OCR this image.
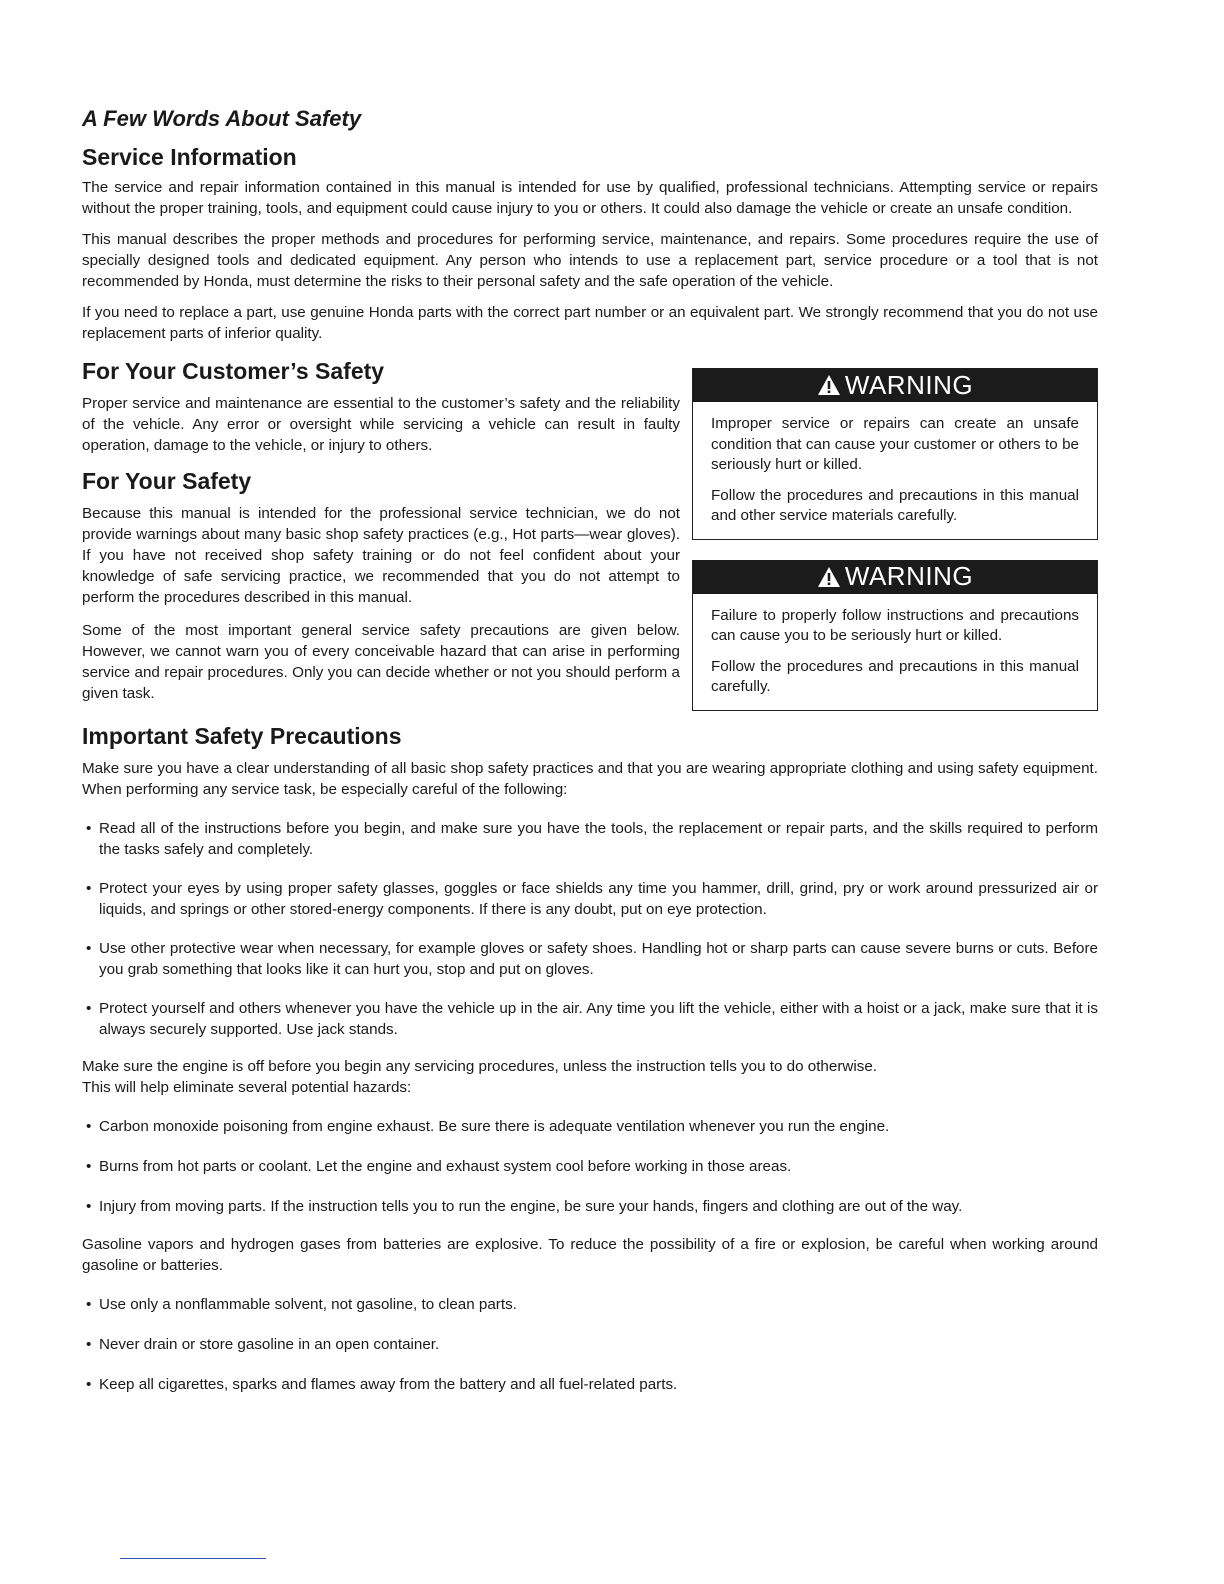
A Few Words About Safety
Service Information

The service and repair information contained in this manual is intended for use by qualified, professional technicians. Attempting service or repairs without the proper training, tools, and equipment could cause injury to you or others. It could also damage the vehicle or create an unsafe condition.

This manual describes the proper methods and procedures for performing service, maintenance, and repairs. Some procedures require the use of specially designed tools and dedicated equipment. Any person who intends to use a replacement part, service procedure or a tool that is not recommended by Honda, must determine the risks to their personal safety and the safe operation of the vehicle.

If you need to replace a part, use genuine Honda parts with the correct part number or an equivalent part. We strongly recommend that you do not use replacement parts of inferior quality.

For Your Customer’s Safety

Proper service and maintenance are essential to the customer’s safety and the reliability of the vehicle. Any error or oversight while servicing a vehicle can result in faulty operation, damage to the vehicle, or injury to others.

For Your Safety

Because this manual is intended for the professional service technician, we do not provide warnings about many basic shop safety practices (e.g., Hot parts—wear gloves). If you have not received shop safety training or do not feel confident about your knowledge of safe servicing practice, we recommended that you do not attempt to perform the procedures described in this manual.

Some of the most important general service safety precautions are given below. However, we cannot warn you of every conceivable hazard that can arise in performing service and repair procedures. Only you can decide whether or not you should perform a given task.

WARNING

Improper service or repairs can create an unsafe condition that can cause your customer or others to be seriously hurt or killed.

Follow the procedures and precautions in this manual and other service materials carefully.

WARNING

Failure to properly follow instructions and precautions can cause you to be seriously hurt or killed.

Follow the procedures and precautions in this manual carefully.

Important Safety Precautions

Make sure you have a clear understanding of all basic shop safety practices and that you are wearing appropriate clothing and using safety equipment. When performing any service task, be especially careful of the following:

• Read all of the instructions before you begin, and make sure you have the tools, the replacement or repair parts, and the skills required to perform the tasks safely and completely.
• Protect your eyes by using proper safety glasses, goggles or face shields any time you hammer, drill, grind, pry or work around pressurized air or liquids, and springs or other stored-energy components. If there is any doubt, put on eye protection.
• Use other protective wear when necessary, for example gloves or safety shoes. Handling hot or sharp parts can cause severe burns or cuts. Before you grab something that looks like it can hurt you, stop and put on gloves.
• Protect yourself and others whenever you have the vehicle up in the air. Any time you lift the vehicle, either with a hoist or a jack, make sure that it is always securely supported. Use jack stands.

Make sure the engine is off before you begin any servicing procedures, unless the instruction tells you to do otherwise.
This will help eliminate several potential hazards:

• Carbon monoxide poisoning from engine exhaust. Be sure there is adequate ventilation whenever you run the engine.
• Burns from hot parts or coolant. Let the engine and exhaust system cool before working in those areas.
• Injury from moving parts. If the instruction tells you to run the engine, be sure your hands, fingers and clothing are out of the way.

Gasoline vapors and hydrogen gases from batteries are explosive. To reduce the possibility of a fire or explosion, be careful when working around gasoline or batteries.

• Use only a nonflammable solvent, not gasoline, to clean parts.
• Never drain or store gasoline in an open container.
• Keep all cigarettes, sparks and flames away from the battery and all fuel-related parts.
